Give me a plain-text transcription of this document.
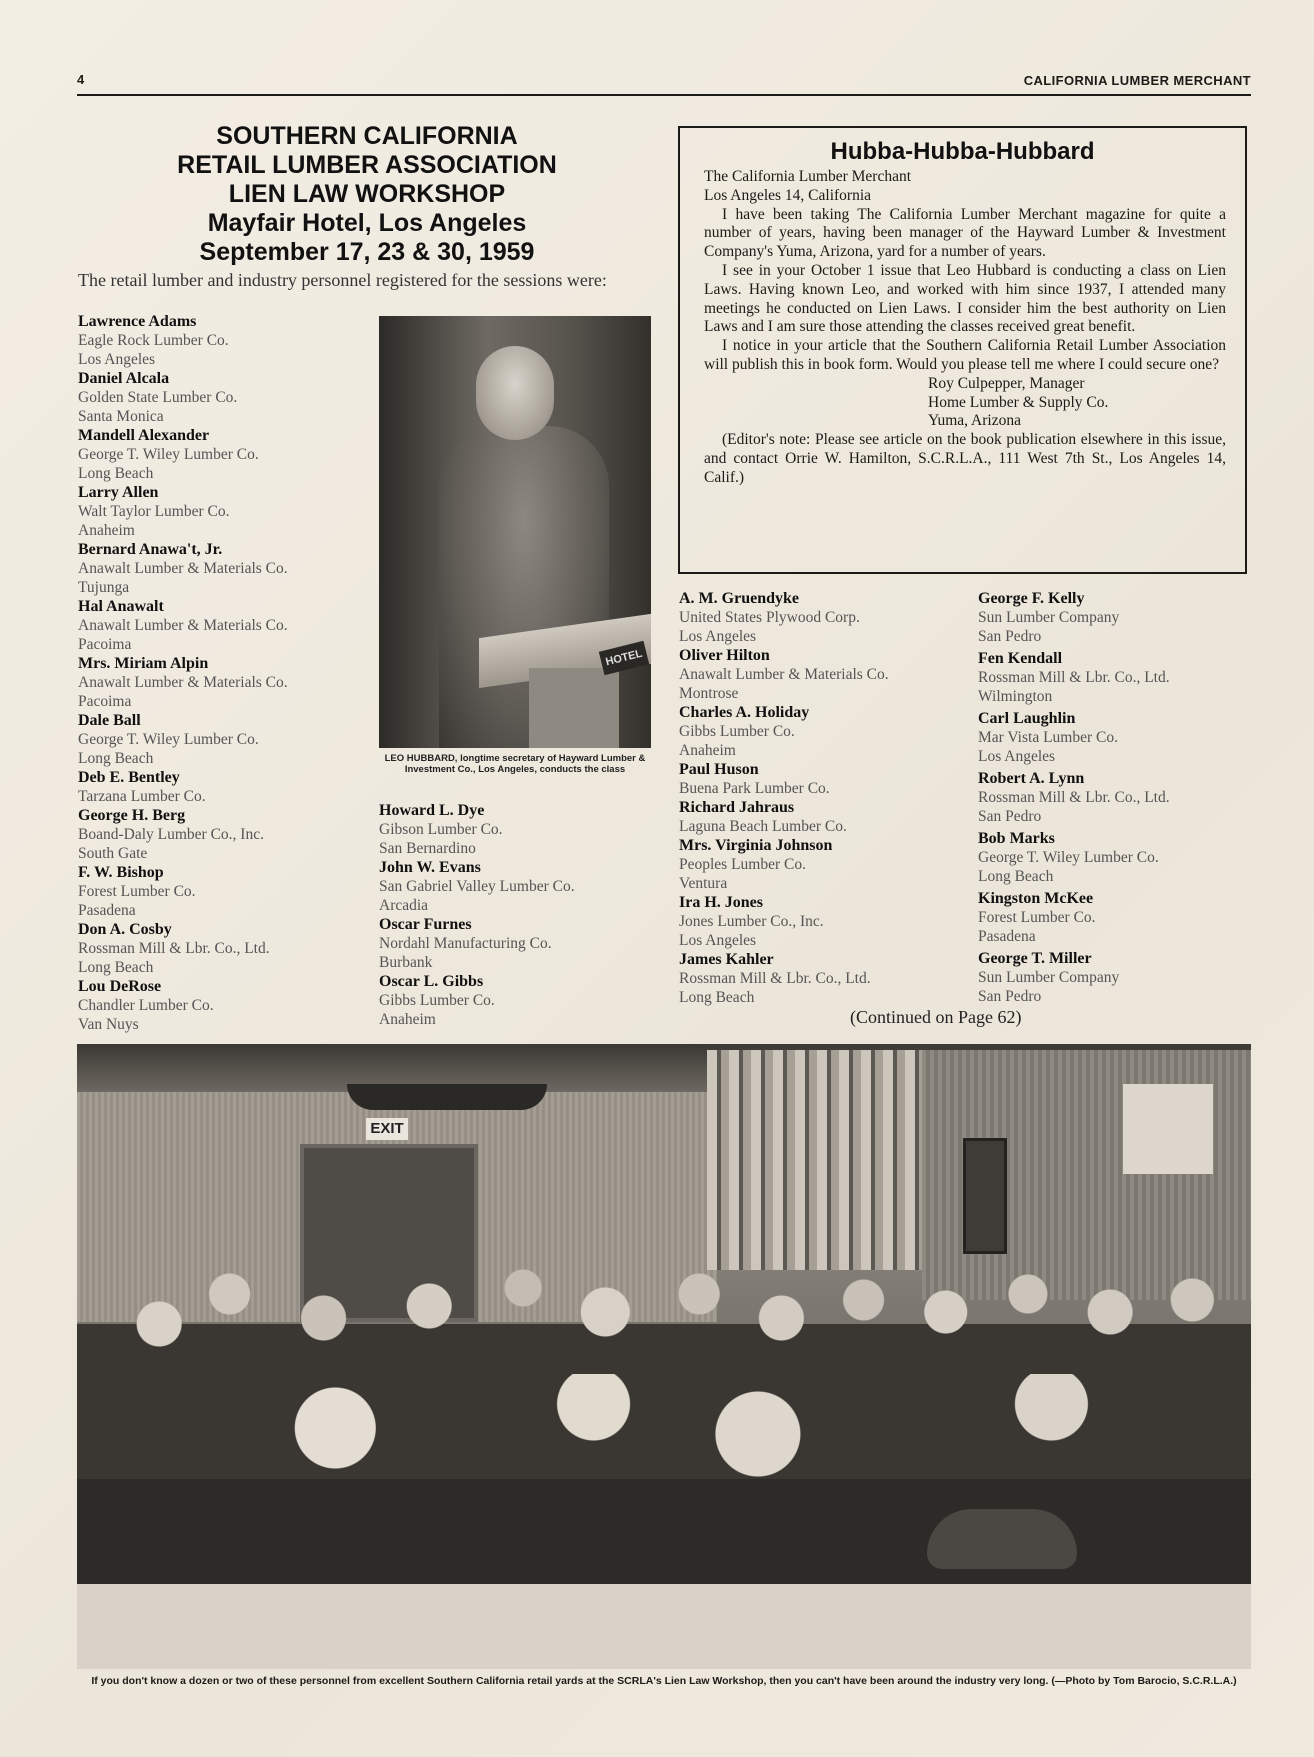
4	CALIFORNIA LUMBER MERCHANT
SOUTHERN CALIFORNIA
RETAIL LUMBER ASSOCIATION
LIEN LAW WORKSHOP
Mayfair Hotel, Los Angeles
September 17, 23 & 30, 1959
The retail lumber and industry personnel registered for the sessions were:
Lawrence Adams
Eagle Rock Lumber Co.
Los Angeles
Daniel Alcala
Golden State Lumber Co.
Santa Monica
Mandell Alexander
George T. Wiley Lumber Co.
Long Beach
Larry Allen
Walt Taylor Lumber Co.
Anaheim
Bernard Anawa't, Jr.
Anawalt Lumber & Materials Co.
Tujunga
Hal Anawalt
Anawalt Lumber & Materials Co.
Pacoima
Mrs. Miriam Alpin
Anawalt Lumber & Materials Co.
Pacoima
Dale Ball
George T. Wiley Lumber Co.
Long Beach
Deb E. Bentley
Tarzana Lumber Co.
George H. Berg
Boand-Daly Lumber Co., Inc.
South Gate
F. W. Bishop
Forest Lumber Co.
Pasadena
Don A. Cosby
Rossman Mill & Lbr. Co., Ltd.
Long Beach
Lou DeRose
Chandler Lumber Co.
Van Nuys
HOTEL
LEO HUBBARD, longtime secretary of Hayward Lumber & Investment Co., Los Angeles, conducts the class
Howard L. Dye
Gibson Lumber Co.
San Bernardino
John W. Evans
San Gabriel Valley Lumber Co.
Arcadia
Oscar Furnes
Nordahl Manufacturing Co.
Burbank
Oscar L. Gibbs
Gibbs Lumber Co.
Anaheim
Hubba-Hubba-Hubbard

The California Lumber Merchant

Los Angeles 14, California

I have been taking The California Lumber Merchant magazine for quite a number of years, having been manager of the Hayward Lumber & Investment Company's Yuma, Arizona, yard for a number of years.

I see in your October 1 issue that Leo Hubbard is conducting a class on Lien Laws. Having known Leo, and worked with him since 1937, I attended many meetings he conducted on Lien Laws. I consider him the best authority on Lien Laws and I am sure those attending the classes received great benefit.

I notice in your article that the Southern California Retail Lumber Association will publish this in book form. Would you please tell me where I could secure one?

Roy Culpepper, Manager

Home Lumber & Supply Co.

Yuma, Arizona

(Editor's note: Please see article on the book publication elsewhere in this issue, and contact Orrie W. Hamilton, S.C.R.L.A., 111 West 7th St., Los Angeles 14, Calif.)

A. M. Gruendyke
United States Plywood Corp.
Los Angeles
Oliver Hilton
Anawalt Lumber & Materials Co.
Montrose
Charles A. Holiday
Gibbs Lumber Co.
Anaheim
Paul Huson
Buena Park Lumber Co.
Richard Jahraus
Laguna Beach Lumber Co.
Mrs. Virginia Johnson
Peoples Lumber Co.
Ventura
Ira H. Jones
Jones Lumber Co., Inc.
Los Angeles
James Kahler
Rossman Mill & Lbr. Co., Ltd.
Long Beach
George F. Kelly
Sun Lumber Company
San Pedro
Fen Kendall
Rossman Mill & Lbr. Co., Ltd.
Wilmington
Carl Laughlin
Mar Vista Lumber Co.
Los Angeles
Robert A. Lynn
Rossman Mill & Lbr. Co., Ltd.
San Pedro
Bob Marks
George T. Wiley Lumber Co.
Long Beach
Kingston McKee
Forest Lumber Co.
Pasadena
George T. Miller
Sun Lumber Company
San Pedro
(Continued on Page 62)
EXIT
If you don't know a dozen or two of these personnel from excellent Southern California retail yards at the SCRLA's Lien Law Workshop, then you can't have been around the industry very long. (—Photo by Tom Barocio, S.C.R.L.A.)
